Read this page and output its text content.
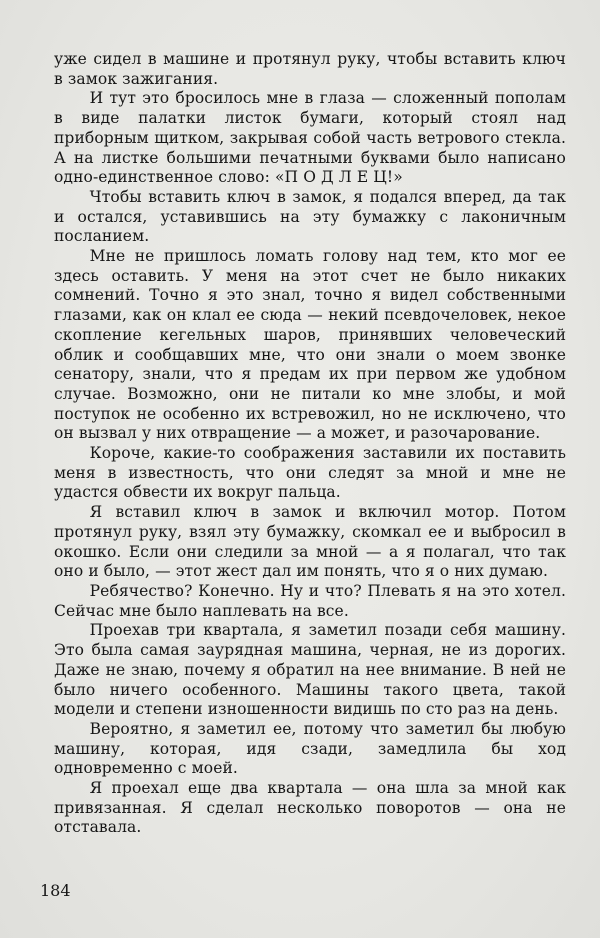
уже сидел в машине и протянул руку, чтобы вставить ключ в замок зажигания.

И тут это бросилось мне в глаза — сложенный пополам в виде палатки листок бумаги, который стоял над приборным щитком, закрывая собой часть ветрового стекла. А на листке большими печатными буквами было написано одно-единственное слово: «П О Д Л Е Ц!»

Чтобы вставить ключ в замок, я подался вперед, да так и остался, уставившись на эту бумажку с лаконичным посланием.

Мне не пришлось ломать голову над тем, кто мог ее здесь оставить. У меня на этот счет не было никаких сомнений. Точно я это знал, точно я видел собственными глазами, как он клал ее сюда — некий псевдочеловек, некое скопление кегельных шаров, принявших человеческий облик и сообщавших мне, что они знали о моем звонке сенатору, знали, что я предам их при первом же удобном случае. Возможно, они не питали ко мне злобы, и мой поступок не особенно их встревожил, но не исключено, что он вызвал у них отвращение — а может, и разочарование.

Короче, какие-то соображения заставили их поставить меня в известность, что они следят за мной и мне не удастся обвести их вокруг пальца.

Я вставил ключ в замок и включил мотор. Потом протянул руку, взял эту бумажку, скомкал ее и выбросил в окошко. Если они следили за мной — а я полагал, что так оно и было, — этот жест дал им понять, что я о них думаю.

Ребячество? Конечно. Ну и что? Плевать я на это хотел. Сейчас мне было наплевать на все.

Проехав три квартала, я заметил позади себя машину. Это была самая заурядная машина, черная, не из дорогих. Даже не знаю, почему я обратил на нее внимание. В ней не было ничего особенного. Машины такого цвета, такой модели и степени изношенности видишь по сто раз на день.

Вероятно, я заметил ее, потому что заметил бы любую машину, которая, идя сзади, замедлила бы ход одновременно с моей.

Я проехал еще два квартала — она шла за мной как привязанная. Я сделал несколько поворотов — она не отставала.

184
